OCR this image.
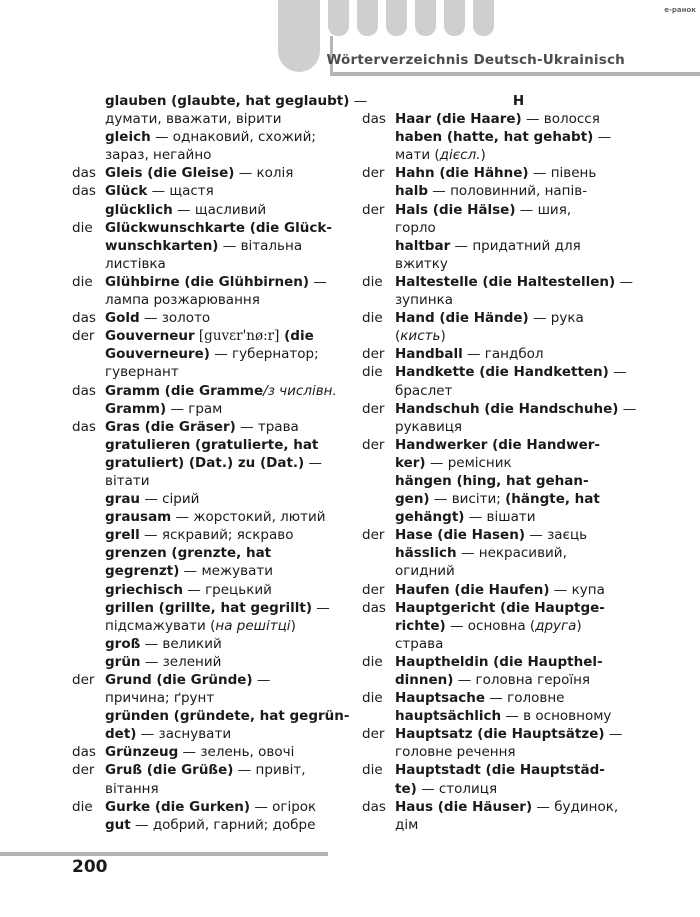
e-ранок
Wörterverzeichnis Deutsch-Ukrainisch
glauben (glaubte, hat geglaubt) —
думати, вважати, вірити
gleich — однаковий, схожий;
зараз, негайно
das Gleis (die Gleise) — колія
das Glück — щастя
glücklich — щасливий
die Glückwunschkarte (die Glück-
wunschkarten) — вітальна
листівка
die Glühbirne (die Glühbirnen) —
лампа розжарювання
das Gold — золото
der Gouverneur [guvɛr'nø:r] (die
Gouverneure) — губернатор;
гувернант
das Gramm (die Gramme/з числівн.
Gramm) — грам
das Gras (die Gräser) — трава
gratulieren (gratulierte, hat
gratuliert) (Dat.) zu (Dat.) —
вітати
grau — сірий
grausam — жорстокий, лютий
grell — яскравий; яскраво
grenzen (grenzte, hat
gegrenzt) — межувати
griechisch — грецький
grillen (grillte, hat gegrillt) —
підсмажувати (на решітці)
groß — великий
grün — зелений
der Grund (die Gründe) —
причина; ґрунт
gründen (gründete, hat gegrün-
det) — заснувати
das Grünzeug — зелень, овочі
der Gruß (die Grüße) — привіт,
вітання
die Gurke (die Gurken) — огірок
gut — добрий, гарний; добре
H
das Haar (die Haare) — волосся
haben (hatte, hat gehabt) —
мати (дієсл.)
der Hahn (die Hähne) — півень
halb — половинний, напів-
der Hals (die Hälse) — шия,
горло
haltbar — придатний для
вжитку
die Haltestelle (die Haltestellen) —
зупинка
die Hand (die Hände) — рука
(кисть)
der Handball — гандбол
die Handkette (die Handketten) —
браслет
der Handschuh (die Handschuhe) —
рукавиця
der Handwerker (die Handwer-
ker) — ремісник
hängen (hing, hat gehan-
gen) — висіти; (hängte, hat
gehängt) — вішати
der Hase (die Hasen) — заєць
hässlich — некрасивий,
огидний
der Haufen (die Haufen) — купа
das Hauptgericht (die Hauptge-
richte) — основна (друга)
страва
die Hauptheldin (die Haupthel-
dinnen) — головна героїня
die Hauptsache — головне
hauptsächlich — в основному
der Hauptsatz (die Hauptsätze) —
головне речення
die Hauptstadt (die Hauptstäd-
te) — столиця
das Haus (die Häuser) — будинок,
дім
200
